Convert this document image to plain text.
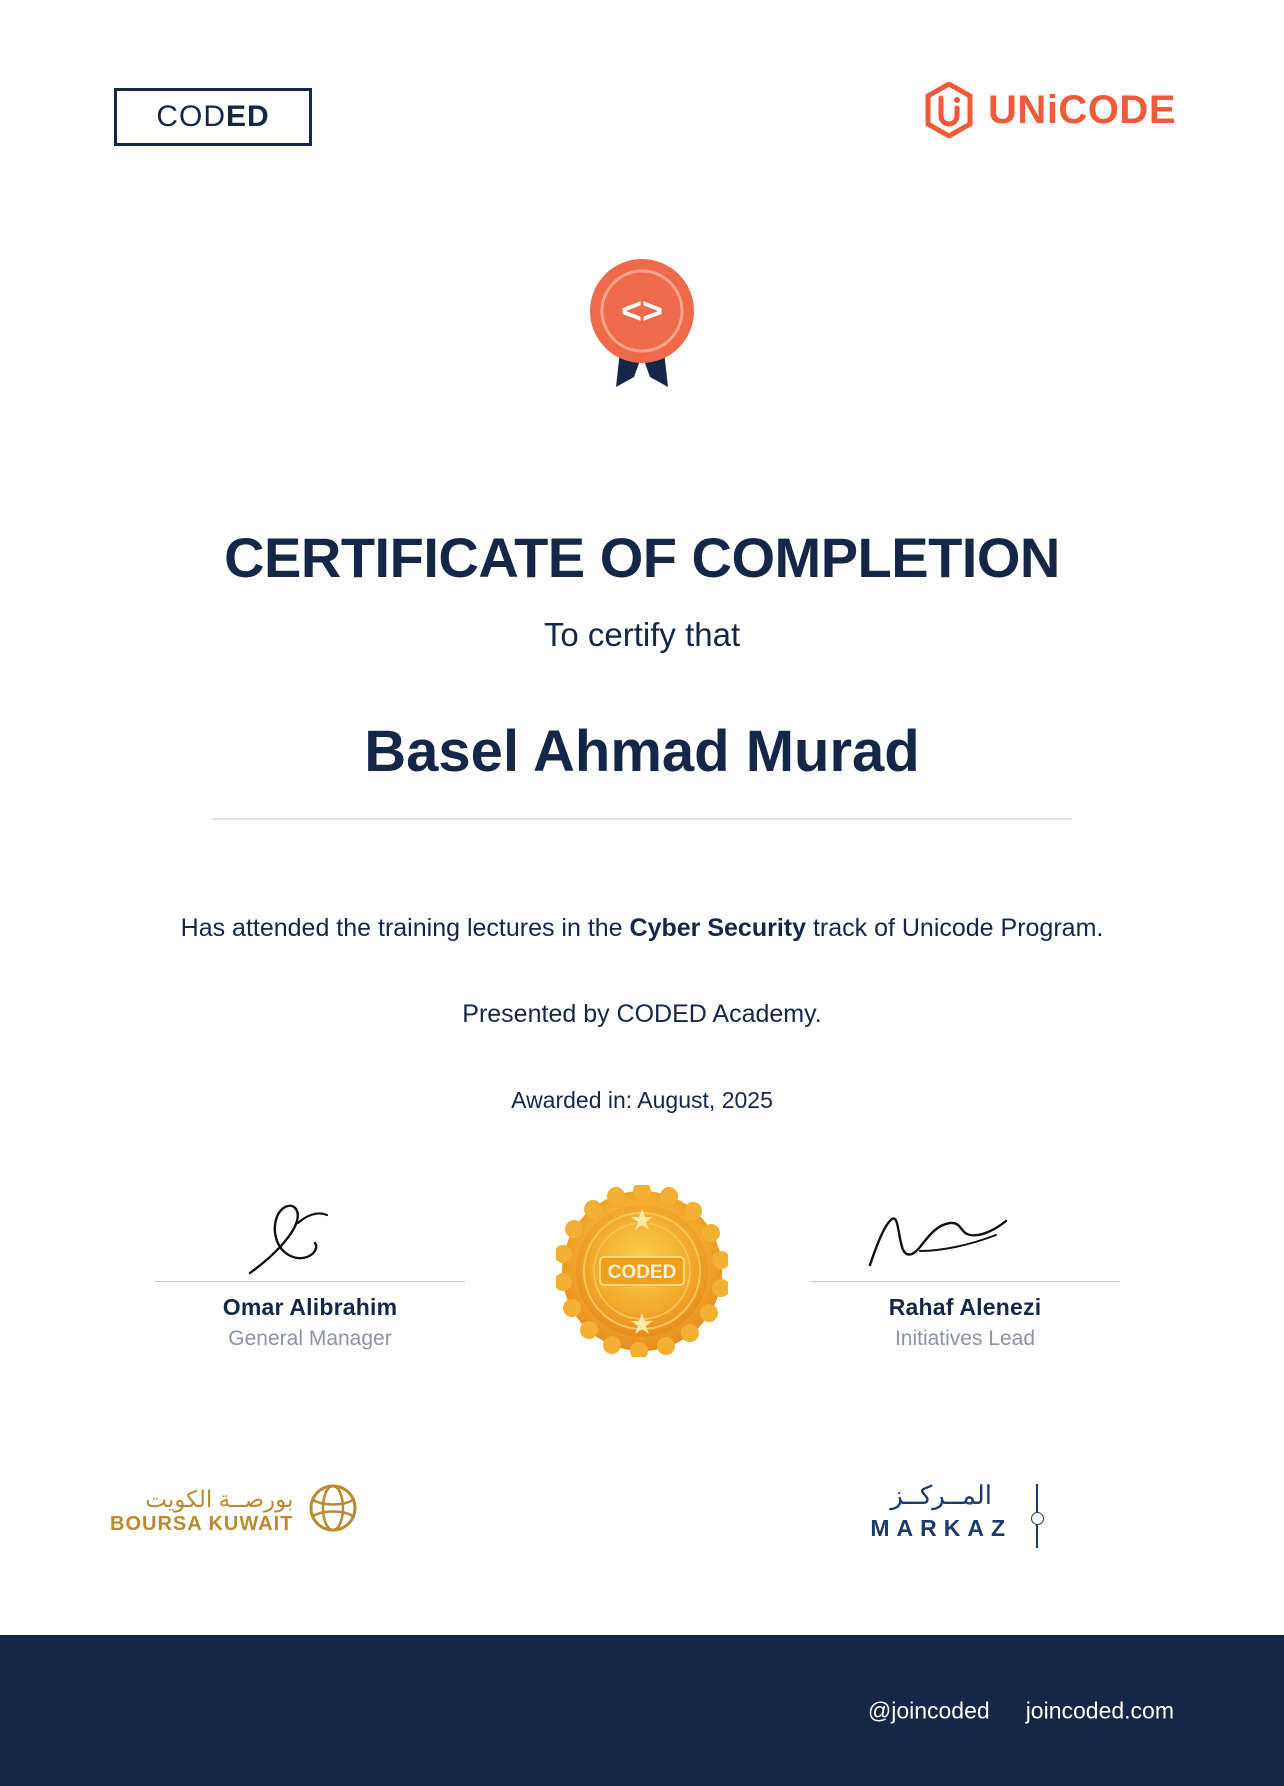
CODED	UNiCODE
<>
CERTIFICATE OF COMPLETION
To certify that
Basel Ahmad Murad
Has attended the training lectures in the Cyber Security track of Unicode Program.
Presented by CODED Academy.
Awarded in: August, 2025
Omar Alibrahim
General Manager
Rahaf Alenezi
Initiatives Lead
CODED
بورصــة الكويت
BOURSA KUWAIT
المــركــز
MARKAZ
@joincoded joincoded.com
